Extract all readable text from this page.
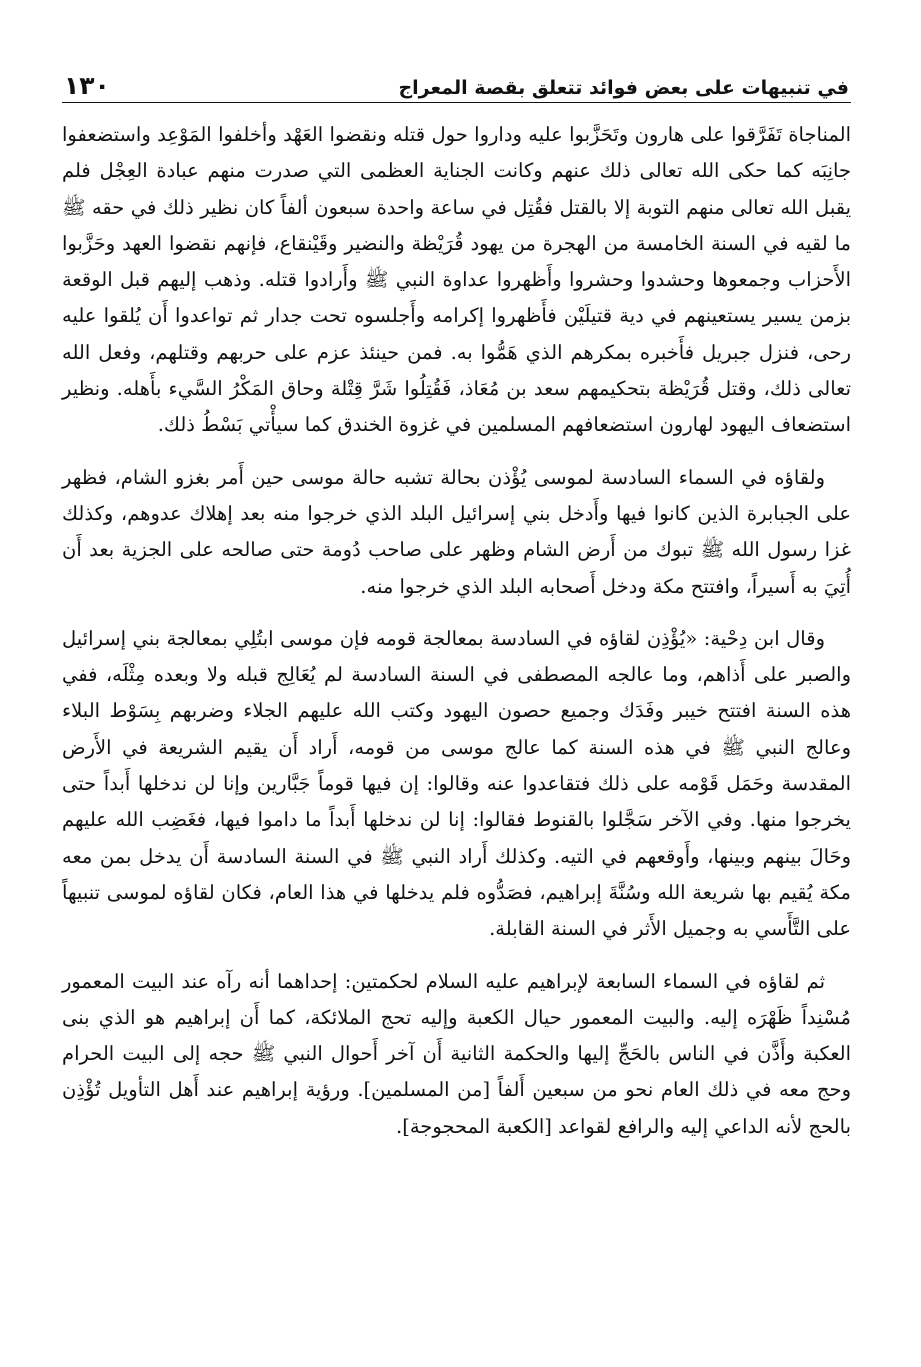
في تنبيهات على بعض فوائد تتعلق بقصة المعراج
١٣٠

المناجاة تَفَرَّقوا على هارون وتَحَزَّبوا عليه وداروا حول قتله ونقضوا العَهْد وأخلفوا المَوْعِد واستضعفوا جانِبَه كما حكى الله تعالى ذلك عنهم وكانت الجناية العظمى التي صدرت منهم عبادة العِجْل فلم يقبل الله تعالى منهم التوبة إلا بالقتل فقُتِل في ساعة واحدة سبعون ألفاً كان نظير ذلك في حقه ﷺ ما لقيه في السنة الخامسة من الهجرة من يهود قُرَيْظة والنضير وقَيْنقاع، فإنهم نقضوا العهد وحَزَّبوا الأَحزاب وجمعوها وحشدوا وحشروا وأَظهروا عداوة النبي ﷺ وأَرادوا قتله. وذهب إليهم قبل الوقعة بزمن يسير يستعينهم في دية قتيلَيْن فأَظهروا إكرامه وأَجلسوه تحت جدار ثم تواعدوا أَن يُلقوا عليه رحى، فنزل جبريل فأَخبره بمكرهم الذي هَمُّوا به. فمن حينئذ عزم على حربهم وقتلهم، وفعل الله تعالى ذلك، وقتل قُرَيْظة بتحكيمهم سعد بن مُعَاذ، فَقُتِلُوا شَرَّ قِتْلة وحاق المَكْرُ السَّيء بأَهله. ونظير استضعاف اليهود لهارون استضعافهم المسلمين في غزوة الخندق كما سيأْتي بَسْطُ ذلك.

ولقاؤه في السماء السادسة لموسى يُؤْذن بحالة تشبه حالة موسى حين أَمر بغزو الشام، فظهر على الجبابرة الذين كانوا فيها وأَدخل بني إسرائيل البلد الذي خرجوا منه بعد إهلاك عدوهم، وكذلك غزا رسول الله ﷺ تبوك من أَرض الشام وظهر على صاحب دُومة حتى صالحه على الجزية بعد أَن أُتِيَ به أَسيراً، وافتتح مكة ودخل أَصحابه البلد الذي خرجوا منه.

وقال ابن دِحْية: «يُؤْذِن لقاؤه في السادسة بمعالجة قومه فإن موسى ابتُلِي بمعالجة بني إسرائيل والصبر على أَذاهم، وما عالجه المصطفى في السنة السادسة لم يُعَالِج قبله ولا وبعده مِثْلَه، ففي هذه السنة افتتح خيبر وفَدَك وجميع حصون اليهود وكتب الله عليهم الجلاء وضربهم بِسَوْط البلاء وعالج النبي ﷺ في هذه السنة كما عالج موسى من قومه، أَراد أَن يقيم الشريعة في الأَرض المقدسة وحَمَل قَوْمه على ذلك فتقاعدوا عنه وقالوا: إن فيها قوماً جَبَّارين وإنا لن ندخلها أَبداً حتى يخرجوا منها. وفي الآخر سَجَّلوا بالقنوط فقالوا: إنا لن ندخلها أَبداً ما داموا فيها، فغَضِب الله عليهم وحَالَ بينهم وبينها، وأَوقعهم في التيه. وكذلك أَراد النبي ﷺ في السنة السادسة أَن يدخل بمن معه مكة يُقيم بها شريعة الله وسُنَّةَ إبراهيم، فصَدُّوه فلم يدخلها في هذا العام، فكان لقاؤه لموسى تنبيهاً على التَّأَسي به وجميل الأَثر في السنة القابلة.

ثم لقاؤه في السماء السابعة لإبراهيم عليه السلام لحكمتين: إحداهما أنه رآه عند البيت المعمور مُسْنِداً ظَهْرَه إليه. والبيت المعمور حيال الكعبة وإليه تحج الملائكة، كما أَن إبراهيم هو الذي بنى العكبة وأَذَّن في الناس بالحَجِّ إليها والحكمة الثانية أَن آخر أَحوال النبي ﷺ حجه إلى البيت الحرام وحج معه في ذلك العام نحو من سبعين أَلفاً [من المسلمين]. ورؤية إبراهيم عند أَهل التأويل تُؤْذِن بالحج لأنه الداعي إليه والرافع لقواعد [الكعبة المحجوجة].
